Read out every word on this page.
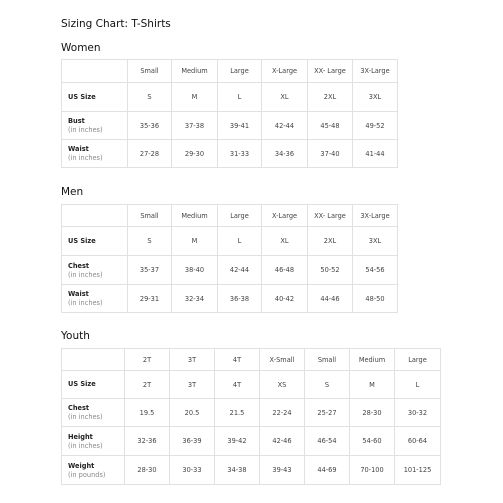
Sizing Chart: T-Shirts
Women
	Small	Medium	Large	X-Large	XX- Large	3X-Large

US Size	S	M	L	XL	2XL	3XL

Bust
(in inches)	35-36	37-38	39-41	42-44	45-48	49-52

Waist
(in inches)	27-28	29-30	31-33	34-36	37-40	41-44
Men
	Small	Medium	Large	X-Large	XX- Large	3X-Large

US Size	S	M	L	XL	2XL	3XL

Chest
(in inches)	35-37	38-40	42-44	46-48	50-52	54-56

Waist
(in inches)	29-31	32-34	36-38	40-42	44-46	48-50
Youth
	2T	3T	4T	X-Small	Small	Medium	Large

US Size	2T	3T	4T	XS	S	M	L

Chest
(in inches)	19.5	20.5	21.5	22-24	25-27	28-30	30-32

Height
(in inches)	32-36	36-39	39-42	42-46	46-54	54-60	60-64

Weight
(in pounds)	28-30	30-33	34-38	39-43	44-69	70-100	101-125
